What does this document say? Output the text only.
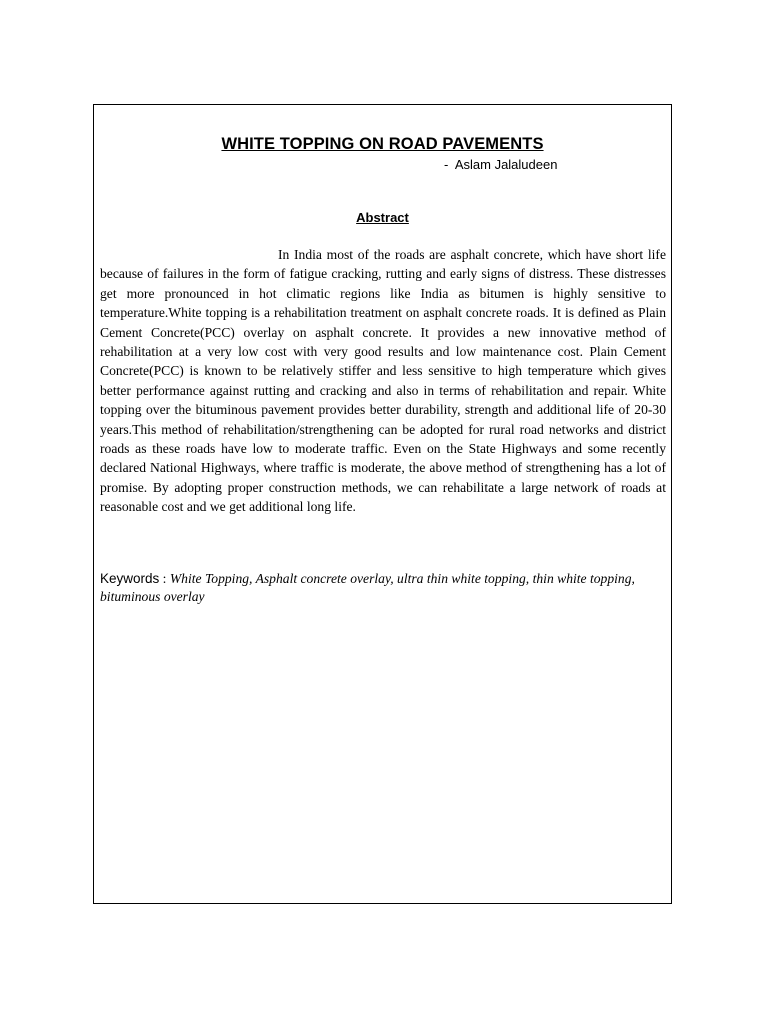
WHITE TOPPING ON ROAD PAVEMENTS
-  Aslam Jalaludeen
Abstract

In India most of the roads are asphalt concrete, which have short life because of failures in the form of fatigue cracking, rutting and early signs of distress. These distresses get more pronounced in hot climatic regions like India as bitumen is highly sensitive to temperature.White topping is a rehabilitation treatment on asphalt concrete roads. It is defined as Plain Cement Concrete(PCC) overlay on asphalt concrete. It provides a new innovative method of rehabilitation at a very low cost with very good results and low maintenance cost. Plain Cement Concrete(PCC) is known to be relatively stiffer and less sensitive to high temperature which gives better performance against rutting and cracking and also in terms of rehabilitation and repair. White topping over the bituminous pavement provides better durability, strength and additional life of 20-30 years.This method of rehabilitation/strengthening can be adopted for rural road networks and district roads as these roads have low to moderate traffic. Even on the State Highways and some recently declared National Highways, where traffic is moderate, the above method of strengthening has a lot of promise. By adopting proper construction methods, we can rehabilitate a large network of roads at reasonable cost and we get additional long life.

Keywords : White Topping, Asphalt concrete overlay, ultra thin white topping, thin white topping, bituminous overlay
